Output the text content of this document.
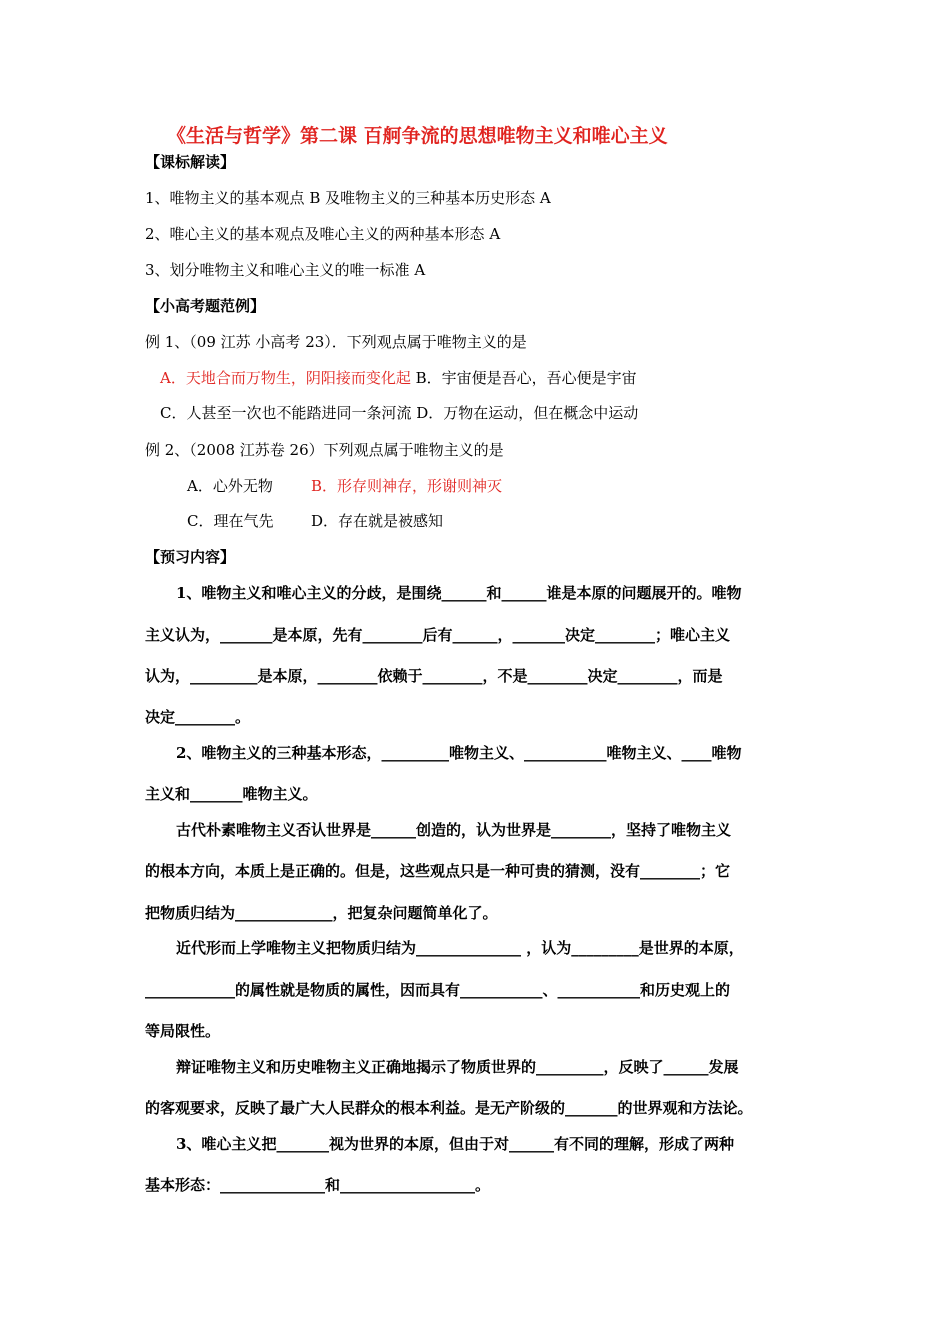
《生活与哲学》第二课 百舸争流的思想唯物主义和唯心主义
【课标解读】
1、唯物主义的基本观点 B 及唯物主义的三种基本历史形态 A
2、唯心主义的基本观点及唯心主义的两种基本形态 A
3、划分唯物主义和唯心主义的唯一标准 A
【小高考题范例】
例 1、（09 江苏 小高考 23）．下列观点属于唯物主义的是
A．天地合而万物生，阴阳接而变化起 B．宇宙便是吾心，吾心便是宇宙
C．人甚至一次也不能踏进同一条河流 D．万物在运动，但在概念中运动
例 2、（2008 江苏卷 26）下列观点属于唯物主义的是
A．心外无物	B．形存则神存，形谢则神灭
C．理在气先	D．存在就是被感知
【预习内容】
1、唯物主义和唯心主义的分歧，是围绕______和______谁是本原的问题展开的。唯物
主义认为，_______是本原，先有________后有______，_______决定________；唯心主义
认为，_________是本原，________依赖于________，不是________决定________，而是
决定________。
2、唯物主义的三种基本形态，_________唯物主义、___________唯物主义、____唯物
主义和_______唯物主义。
古代朴素唯物主义否认世界是______创造的，认为世界是________，坚持了唯物主义
的根本方向，本质上是正确的。但是，这些观点只是一种可贵的猜测，没有________；它
把物质归结为_____________，把复杂问题简单化了。
近代形而上学唯物主义把物质归结为______________ ，认为_________是世界的本原，
____________的属性就是物质的属性，因而具有___________、___________和历史观上的
等局限性。
辩证唯物主义和历史唯物主义正确地揭示了物质世界的_________，反映了______发展
的客观要求，反映了最广大人民群众的根本利益。是无产阶级的_______的世界观和方法论。
3、唯心主义把_______视为世界的本原，但由于对______有不同的理解，形成了两种
基本形态：______________和__________________。
